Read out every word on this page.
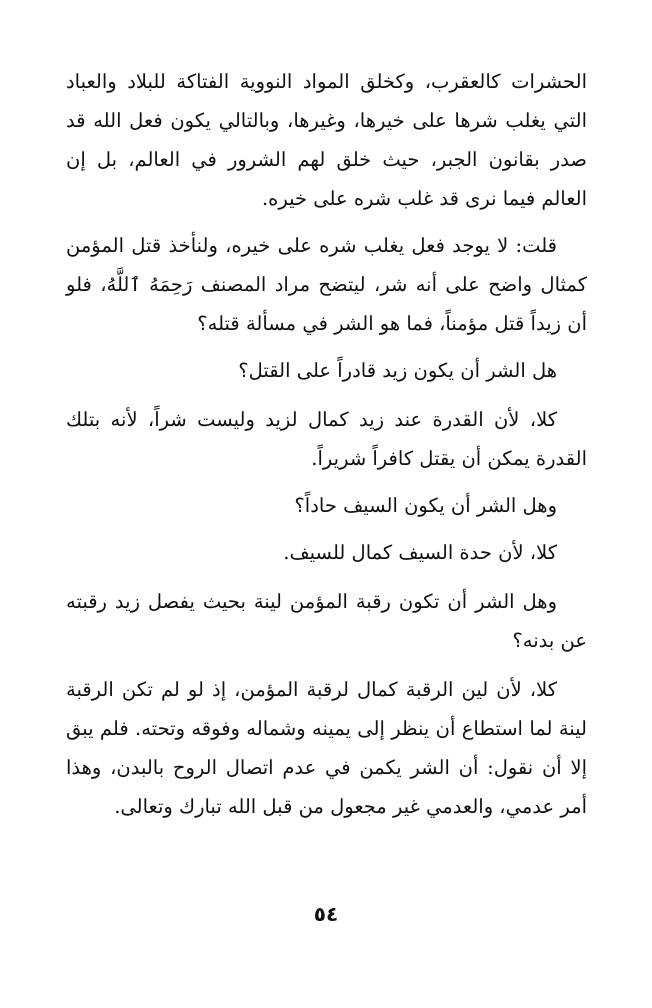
الحشرات كالعقرب، وكخلق المواد النووية الفتاكة للبلاد والعباد التي يغلب شرها على خيرها، وغيرها، وبالتالي يكون فعل الله قد صدر بقانون الجبر، حيث خلق لهم الشرور في العالم، بل إن العالم فيما نرى قد غلب شره على خيره.

قلت: لا يوجد فعل يغلب شره على خيره، ولنأخذ قتل المؤمن كمثال واضح على أنه شر، ليتضح مراد المصنف رَحِمَهُ ٱللَّهُ، فلو أن زيداً قتل مؤمناً، فما هو الشر في مسألة قتله؟

هل الشر أن يكون زيد قادراً على القتل؟

كلا، لأن القدرة عند زيد كمال لزيد وليست شراً، لأنه بتلك القدرة يمكن أن يقتل كافراً شريراً.

وهل الشر أن يكون السيف حاداً؟

كلا، لأن حدة السيف كمال للسيف.

وهل الشر أن تكون رقبة المؤمن لينة بحيث يفصل زيد رقبته عن بدنه؟

كلا، لأن لين الرقبة كمال لرقبة المؤمن، إذ لو لم تكن الرقبة لينة لما استطاع أن ينظر إلى يمينه وشماله وفوقه وتحته. فلم يبق إلا أن نقول: أن الشر يكمن في عدم اتصال الروح بالبدن، وهذا أمر عدمي، والعدمي غير مجعول من قبل الله تبارك وتعالى.

٥٤
